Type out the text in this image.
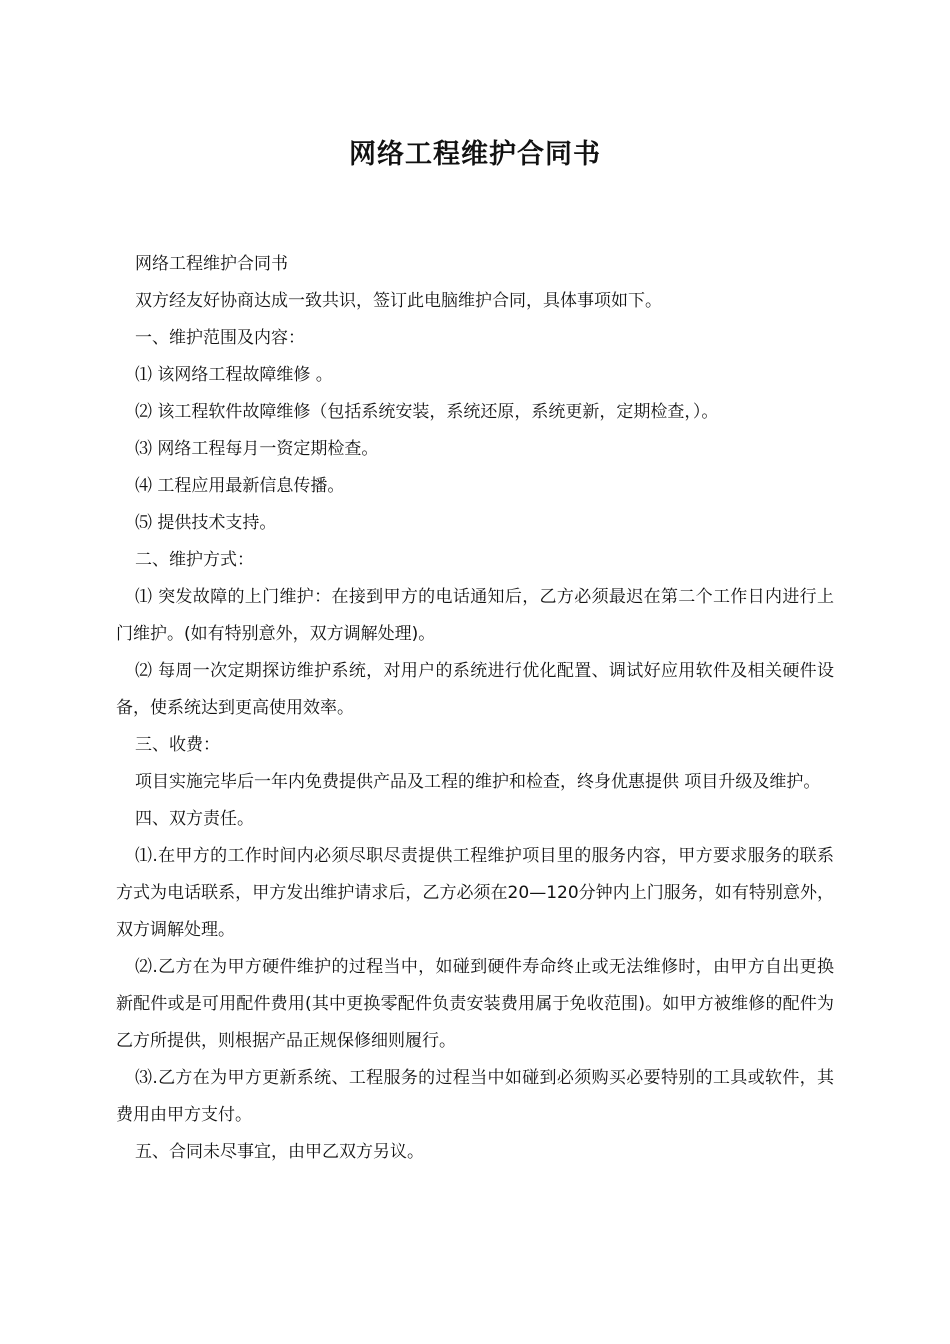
网络工程维护合同书

网络工程维护合同书

双方经友好协商达成一致共识，签订此电脑维护合同，具体事项如下。

一、维护范围及内容：

⑴ 该网络工程故障维修 。

⑵ 该工程软件故障维修（包括系统安装，系统还原，系统更新，定期检查，）。

⑶ 网络工程每月一资定期检查。

⑷ 工程应用最新信息传播。

⑸ 提供技术支持。

二、维护方式：

⑴ 突发故障的上门维护：在接到甲方的电话通知后，乙方必须最迟在第二个工作日内进行上门维护。(如有特别意外，双方调解处理)。

⑵ 每周一次定期探访维护系统，对用户的系统进行优化配置、调试好应用软件及相关硬件设备，使系统达到更高使用效率。

三、收费：

项目实施完毕后一年内免费提供产品及工程的维护和检查，终身优惠提供 项目升级及维护。

四、双方责任。

⑴.在甲方的工作时间内必须尽职尽责提供工程维护项目里的服务内容，甲方要求服务的联系方式为电话联系，甲方发出维护请求后，乙方必须在20—120分钟内上门服务，如有特别意外，双方调解处理。

⑵.乙方在为甲方硬件维护的过程当中，如碰到硬件寿命终止或无法维修时，由甲方自出更换新配件或是可用配件费用(其中更换零配件负责安装费用属于免收范围)。如甲方被维修的配件为乙方所提供，则根据产品正规保修细则履行。

⑶.乙方在为甲方更新系统、工程服务的过程当中如碰到必须购买必要特别的工具或软件，其费用由甲方支付。

五、合同未尽事宜，由甲乙双方另议。
